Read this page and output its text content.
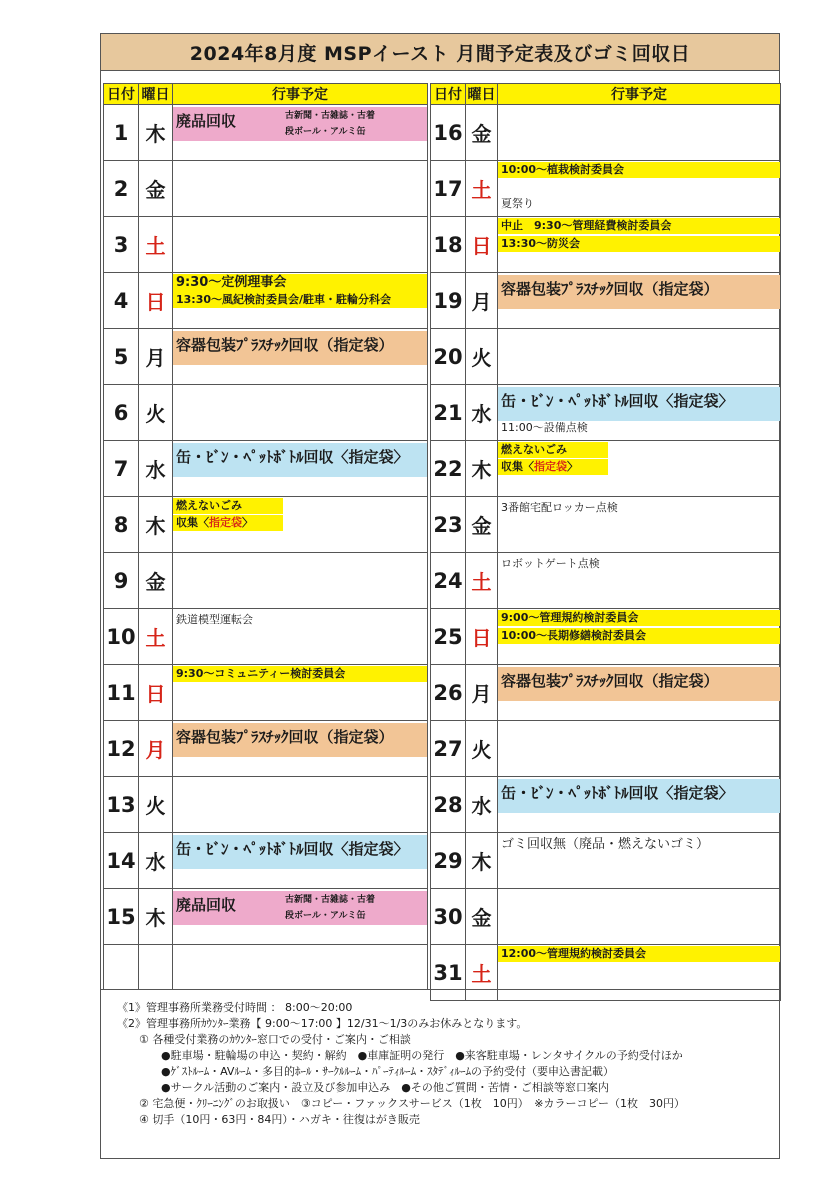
2024年8月度 MSPイースト 月間予定表及びゴミ回収日
日付	曜日	行事予定
1	木	廃品回収 古新聞・古雑誌・古着
段ボール・アルミ缶

2	金	
3	土	
4	日	9:30～定例理事会
13:30～風紀検討委員会/駐車・駐輪分科会

5	月	容器包装ﾌﾟﾗｽﾁｯｸ回収（指定袋）

6	火	
7	水	缶・ﾋﾞﾝ・ﾍﾟｯﾄﾎﾞﾄﾙ回収〈指定袋〉

8	木	燃えないごみ
収集〈指定袋〉

9	金	
10	土	鉄道模型運転会

11	日	9:30～コミュニティー検討委員会

12	月	容器包装ﾌﾟﾗｽﾁｯｸ回収（指定袋）

13	火	
14	水	缶・ﾋﾞﾝ・ﾍﾟｯﾄﾎﾞﾄﾙ回収〈指定袋〉

15	木	廃品回収 古新聞・古雑誌・古着
段ボール・アルミ缶

日付	曜日	行事予定
16	金	
17	土	10:00～植栽検討委員会
夏祭り

18	日	中止　9:30～管理経費検討委員会
13:30～防災会

19	月	容器包装ﾌﾟﾗｽﾁｯｸ回収（指定袋）

20	火	
21	水	缶・ﾋﾞﾝ・ﾍﾟｯﾄﾎﾞﾄﾙ回収〈指定袋〉
11:00～設備点検

22	木	燃えないごみ
収集〈指定袋〉

23	金	3番館宅配ロッカー点検

24	土	ロボットゲート点検

25	日	9:00～管理規約検討委員会
10:00～長期修繕検討委員会

26	月	容器包装ﾌﾟﾗｽﾁｯｸ回収（指定袋）

27	火	
28	水	缶・ﾋﾞﾝ・ﾍﾟｯﾄﾎﾞﾄﾙ回収〈指定袋〉

29	木	ゴミ回収無（廃品・燃えないゴミ）

30	金	
31	土	12:00～管理規約検討委員会
《1》管理事務所業務受付時間 ： 8:00～20:00
《2》管理事務所ｶｳﾝﾀｰ業務【 9:00～17:00 】12/31～1/3のみお休みとなります。
① 各種受付業務のｶｳﾝﾀｰ窓口での受付・ご案内・ご相談
●駐車場・駐輪場の申込・契約・解約　●車庫証明の発行　●来客駐車場・レンタサイクルの予約受付ほか
●ｹﾞｽﾄﾙｰﾑ・AVﾙｰﾑ・多目的ﾎｰﾙ・ｻｰｸﾙﾙｰﾑ・ﾊﾟｰﾃｨﾙｰﾑ・ｽﾀﾃﾞｨﾙｰﾑの予約受付（要申込書記載）
●サークル活動のご案内・設立及び参加申込み　●その他ご質問・苦情・ご相談等窓口案内
② 宅急便・ｸﾘｰﾆﾝｸﾞのお取扱い　③コピー・ファックスサービス（1枚　10円）　※カラーコピー（1枚　30円）
④ 切手（10円・63円・84円）・ハガキ・往復はがき販売
